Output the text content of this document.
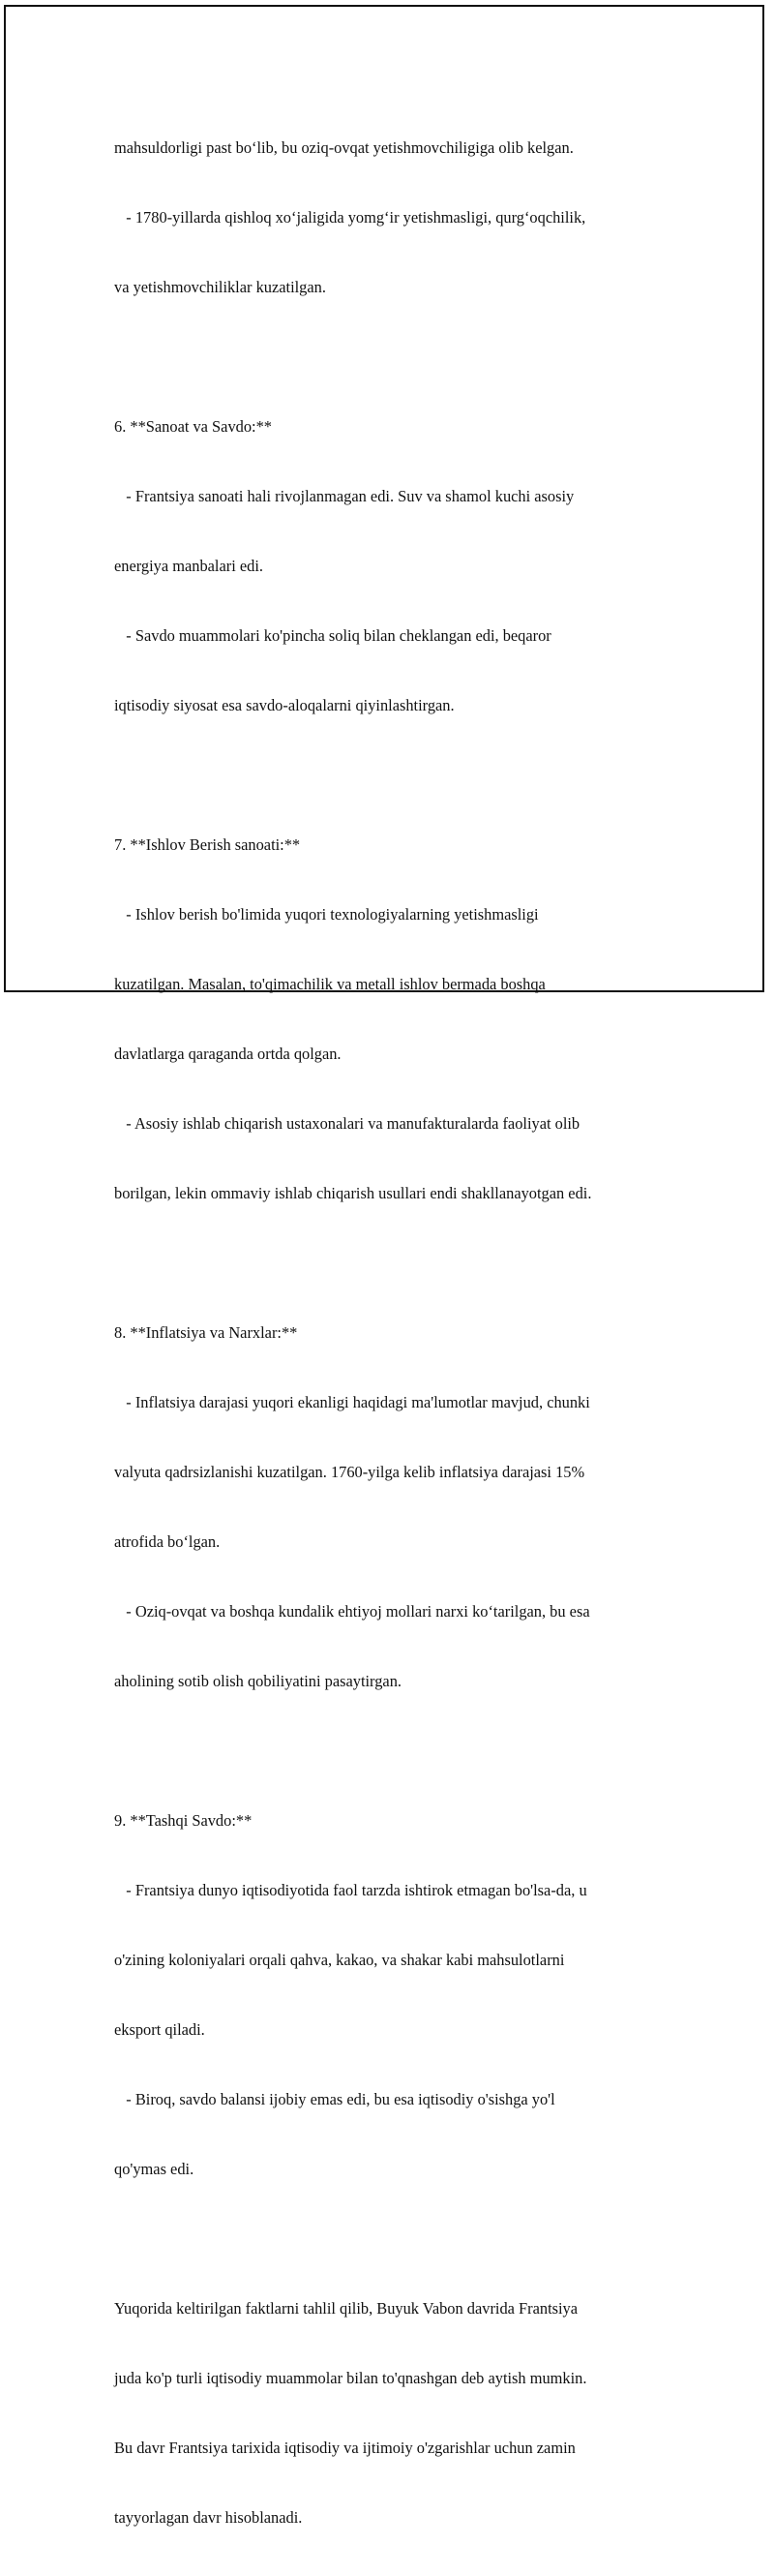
mahsuldorligi past bo‘lib, bu oziq-ovqat yetishmovchiligiga olib kelgan.

- 1780-yillarda qishloq xo‘jaligida yomg‘ir yetishmasligi, qurg‘oqchilik,

va yetishmovchiliklar kuzatilgan.

6. **Sanoat va Savdo:**

- Frantsiya sanoati hali rivojlanmagan edi. Suv va shamol kuchi asosiy

energiya manbalari edi.

- Savdo muammolari ko'pincha soliq bilan cheklangan edi, beqaror

iqtisodiy siyosat esa savdo-aloqalarni qiyinlashtirgan.

7. **Ishlov Berish sanoati:**

- Ishlov berish bo'limida yuqori texnologiyalarning yetishmasligi

kuzatilgan. Masalan, to'qimachilik va metall ishlov bermada boshqa

davlatlarga qaraganda ortda qolgan.

- Asosiy ishlab chiqarish ustaxonalari va manufakturalarda faoliyat olib

borilgan, lekin ommaviy ishlab chiqarish usullari endi shakllanayotgan edi.

8. **Inflatsiya va Narxlar:**

- Inflatsiya darajasi yuqori ekanligi haqidagi ma'lumotlar mavjud, chunki

valyuta qadrsizlanishi kuzatilgan. 1760-yilga kelib inflatsiya darajasi 15%

atrofida bo‘lgan.

- Oziq-ovqat va boshqa kundalik ehtiyoj mollari narxi ko‘tarilgan, bu esa

aholining sotib olish qobiliyatini pasaytirgan.

9. **Tashqi Savdo:**

- Frantsiya dunyo iqtisodiyotida faol tarzda ishtirok etmagan bo'lsa-da, u

o'zining koloniyalari orqali qahva, kakao, va shakar kabi mahsulotlarni

eksport qiladi.

- Biroq, savdo balansi ijobiy emas edi, bu esa iqtisodiy o'sishga yo'l

qo'ymas edi.

Yuqorida keltirilgan faktlarni tahlil qilib, Buyuk Vabon davrida Frantsiya

juda ko'p turli iqtisodiy muammolar bilan to'qnashgan deb aytish mumkin.

Bu davr Frantsiya tarixida iqtisodiy va ijtimoiy o'zgarishlar uchun zamin

tayyorlagan davr hisoblanadi.
